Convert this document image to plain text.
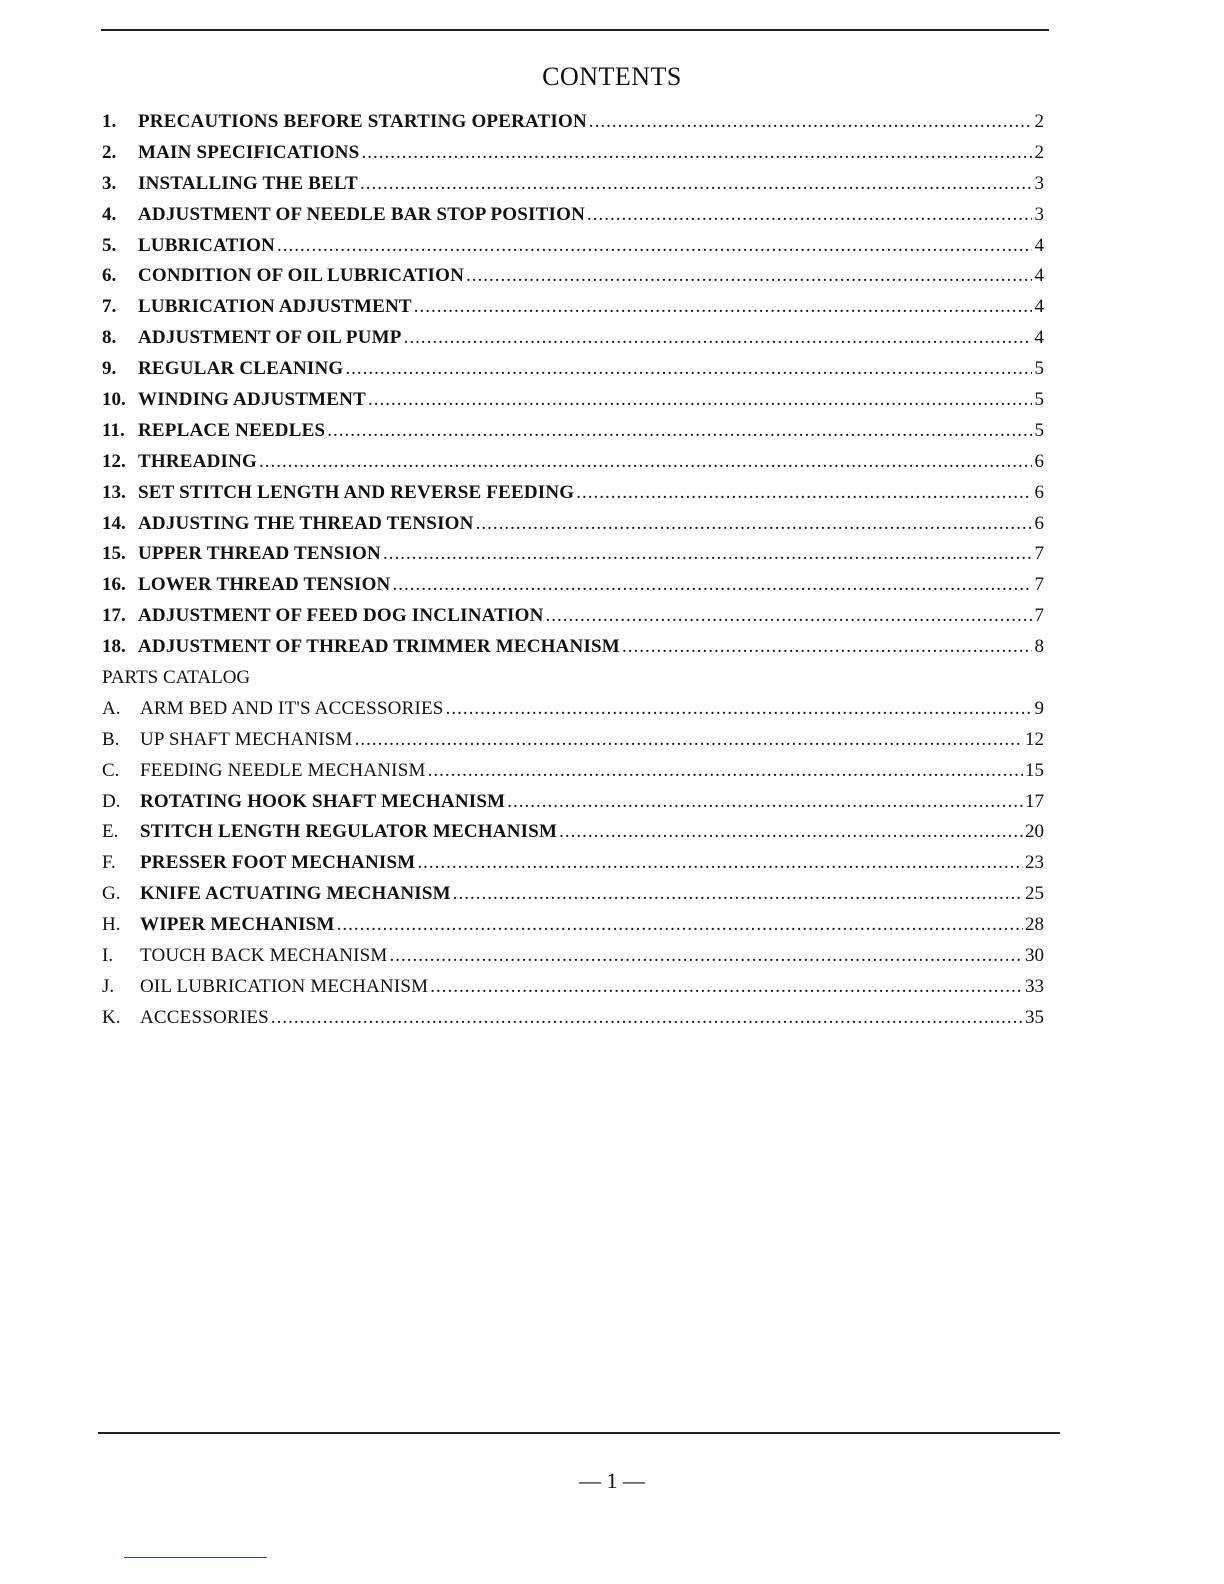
CONTENTS
1.	PRECAUTIONS BEFORE STARTING OPERATION .....	2
2.	MAIN SPECIFICATIONS .....	2
3.	INSTALLING THE BELT .....	3
4.	ADJUSTMENT OF NEEDLE BAR STOP POSITION .....	3
5.	LUBRICATION .....	4
6.	CONDITION OF OIL LUBRICATION .....	4
7.	LUBRICATION ADJUSTMENT .....	4
8.	ADJUSTMENT OF OIL PUMP .....	4
9.	REGULAR CLEANING .....	5
10. WINDING ADJUSTMENT .....	5
11. REPLACE NEEDLES .....	5
12. THREADING .....	6
13. SET STITCH LENGTH AND REVERSE FEEDING .....	6
14. ADJUSTING THE THREAD TENSION .....	6
15. UPPER THREAD TENSION .....	7
16. LOWER THREAD TENSION .....	7
17. ADJUSTMENT OF FEED DOG INCLINATION .....	7
18. ADJUSTMENT OF THREAD TRIMMER MECHANISM .....	8
PARTS CATALOG
A.	ARM BED AND IT'S ACCESSORIES .....	9
B.	UP SHAFT MECHANISM .....	12
C.	FEEDING NEEDLE MECHANISM .....	15
D.	ROTATING HOOK SHAFT MECHANISM .....	17
E.	STITCH LENGTH REGULATOR MECHANISM .....	20
F.	PRESSER FOOT MECHANISM .....	23
G.	KNIFE ACTUATING MECHANISM .....	25
H.	WIPER MECHANISM .....	28
I.	TOUCH BACK MECHANISM .....	30
J.	OIL LUBRICATION MECHANISM .....	33
K.	ACCESSORIES .....	35
— 1 —
